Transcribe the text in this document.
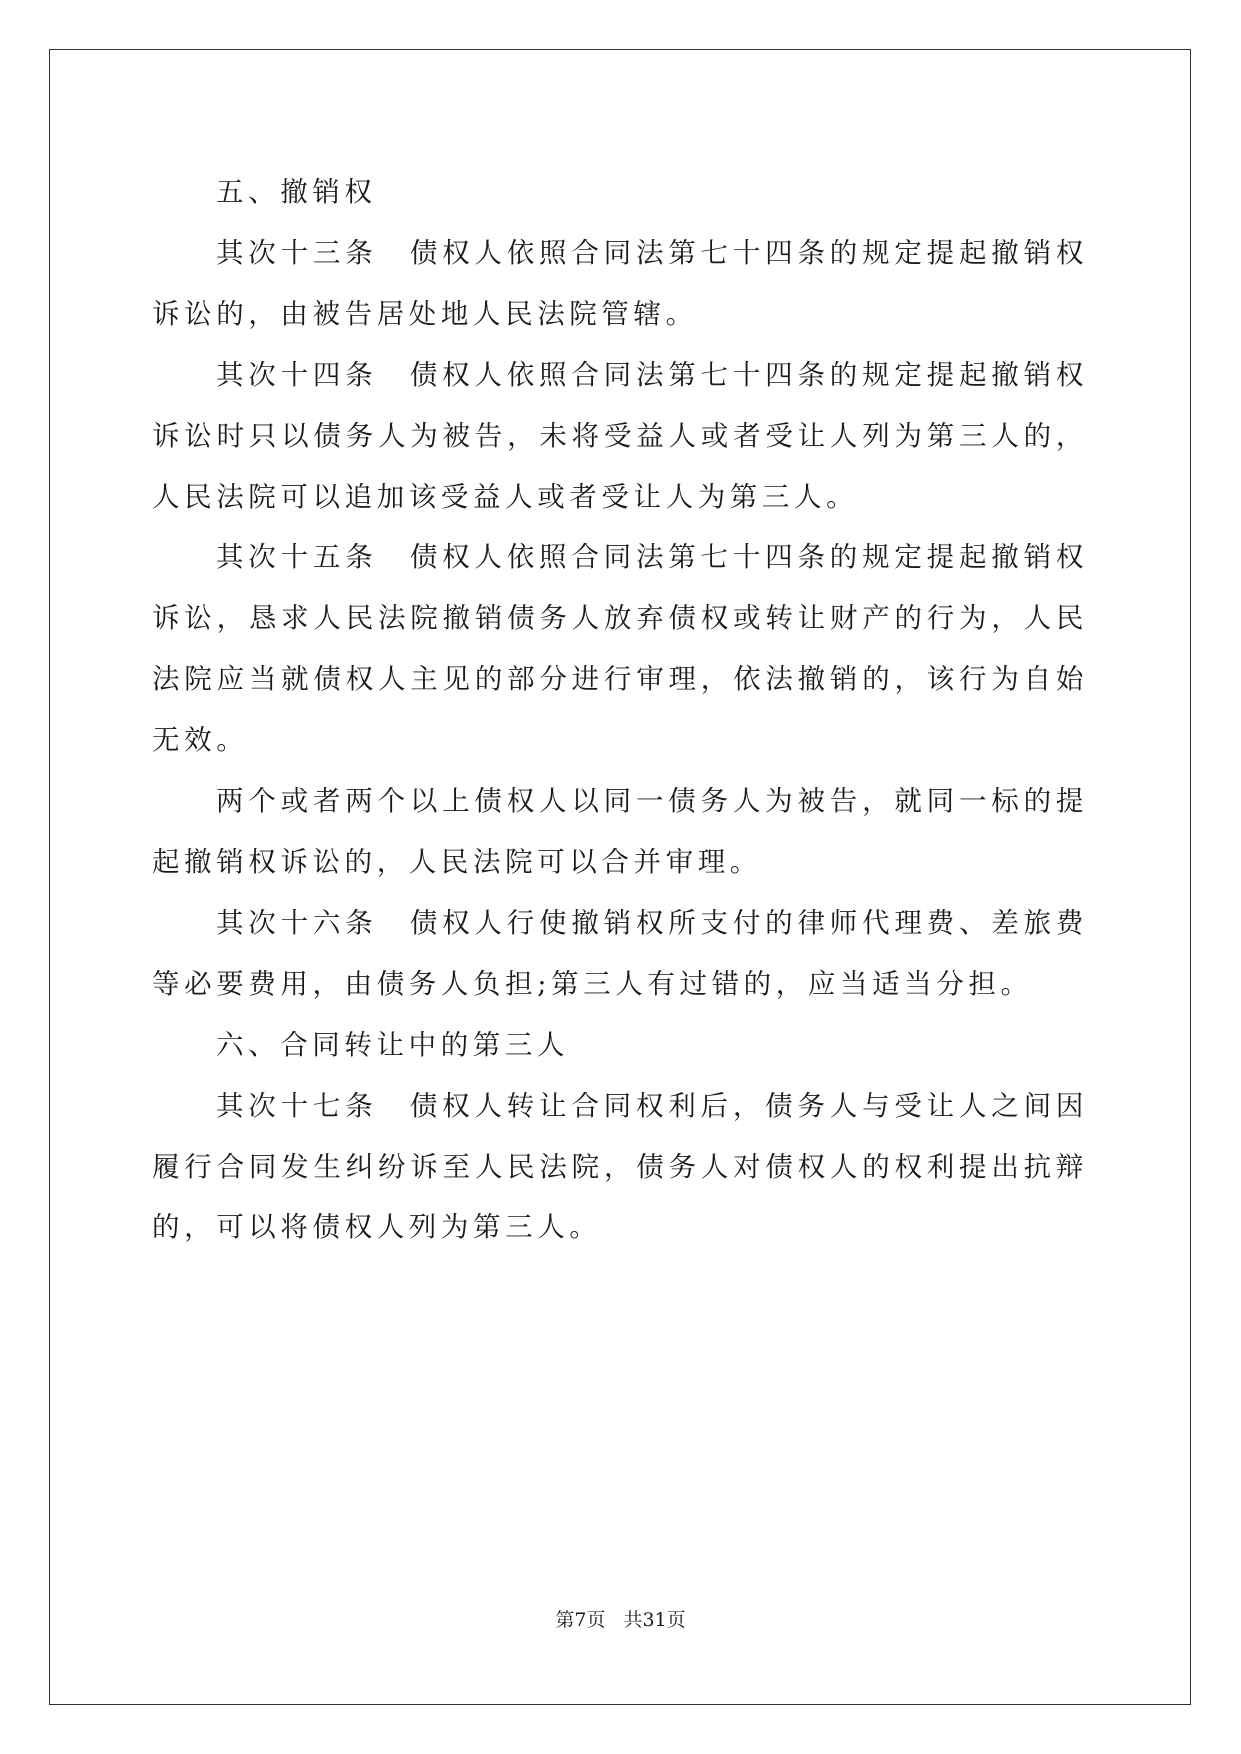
五、撤销权

其次十三条　债权人依照合同法第七十四条的规定提起撤销权诉讼的，由被告居处地人民法院管辖。

其次十四条　债权人依照合同法第七十四条的规定提起撤销权诉讼时只以债务人为被告，未将受益人或者受让人列为第三人的，人民法院可以追加该受益人或者受让人为第三人。

其次十五条　债权人依照合同法第七十四条的规定提起撤销权诉讼，恳求人民法院撤销债务人放弃债权或转让财产的行为，人民法院应当就债权人主见的部分进行审理，依法撤销的，该行为自始无效。

两个或者两个以上债权人以同一债务人为被告，就同一标的提起撤销权诉讼的，人民法院可以合并审理。

其次十六条　债权人行使撤销权所支付的律师代理费、差旅费等必要费用，由债务人负担;第三人有过错的，应当适当分担。

六、合同转让中的第三人

其次十七条　债权人转让合同权利后，债务人与受让人之间因履行合同发生纠纷诉至人民法院，债务人对债权人的权利提出抗辩的，可以将债权人列为第三人。

第7页 共31页
